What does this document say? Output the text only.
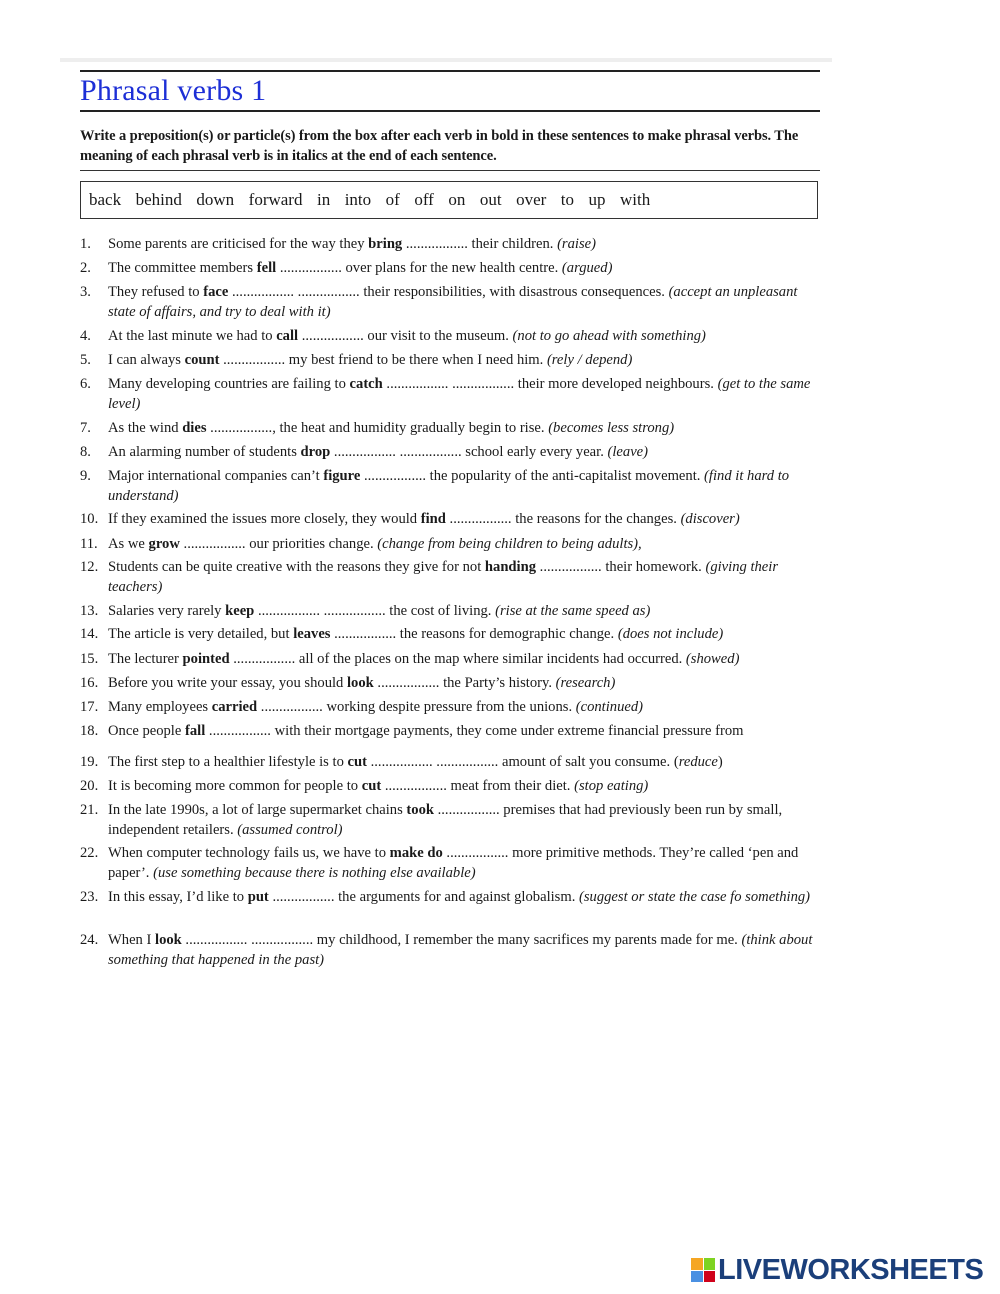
Phrasal verbs 1
Write a preposition(s) or particle(s) from the box after each verb in bold in these sentences to make phrasal verbs. The meaning of each phrasal verb is in italics at the end of each sentence.
back behind down forward in into of off on out over to up with
1.	Some parents are criticised for the way they bring ................. their children. (raise)
2.	The committee members fell ................. over plans for the new health centre. (argued)
3.	They refused to face ................. ................. their responsibilities, with disastrous consequences. (accept an unpleasant state of affairs, and try to deal with it)
4.	At the last minute we had to call ................. our visit to the museum. (not to go ahead with something)
5.	I can always count ................. my best friend to be there when I need him. (rely / depend)
6.	Many developing countries are failing to catch ................. ................. their more developed neighbours. (get to the same level)
7.	As the wind dies ................., the heat and humidity gradually begin to rise. (becomes less strong)
8.	An alarming number of students drop ................. ................. school early every year. (leave)
9.	Major international companies can’t figure ................. the popularity of the anti-capitalist movement. (find it hard to understand)
10. If they examined the issues more closely, they would find ................. the reasons for the changes. (discover)
11. As we grow ................. our priorities change. (change from being children to being adults),
12. Students can be quite creative with the reasons they give for not handing ................. their homework. (giving their teachers)
13. Salaries very rarely keep ................. ................. the cost of living. (rise at the same speed as)
14. The article is very detailed, but leaves ................. the reasons for demographic change. (does not include)
15. The lecturer pointed ................. all of the places on the map where similar incidents had occurred. (showed)
16. Before you write your essay, you should look ................. the Party’s history. (research)
17. Many employees carried ................. working despite pressure from the unions. (continued)
18. Once people fall ................. with their mortgage payments, they come under extreme financial pressure from
19. The first step to a healthier lifestyle is to cut ................. ................. amount of salt you consume. (reduce)
20. It is becoming more common for people to cut ................. meat from their diet. (stop eating)
21. In the late 1990s, a lot of large supermarket chains took ................. premises that had previously been run by small, independent retailers. (assumed control)
22. When computer technology fails us, we have to make do ................. more primitive methods. They’re called ‘pen and paper’. (use something because there is nothing else available)
23. In this essay, I’d like to put ................. the arguments for and against globalism. (suggest or state the case fo something)
24. When I look ................. ................. my childhood, I remember the many sacrifices my parents made for me. (think about something that happened in the past)
LIVEWORKSHEETS
